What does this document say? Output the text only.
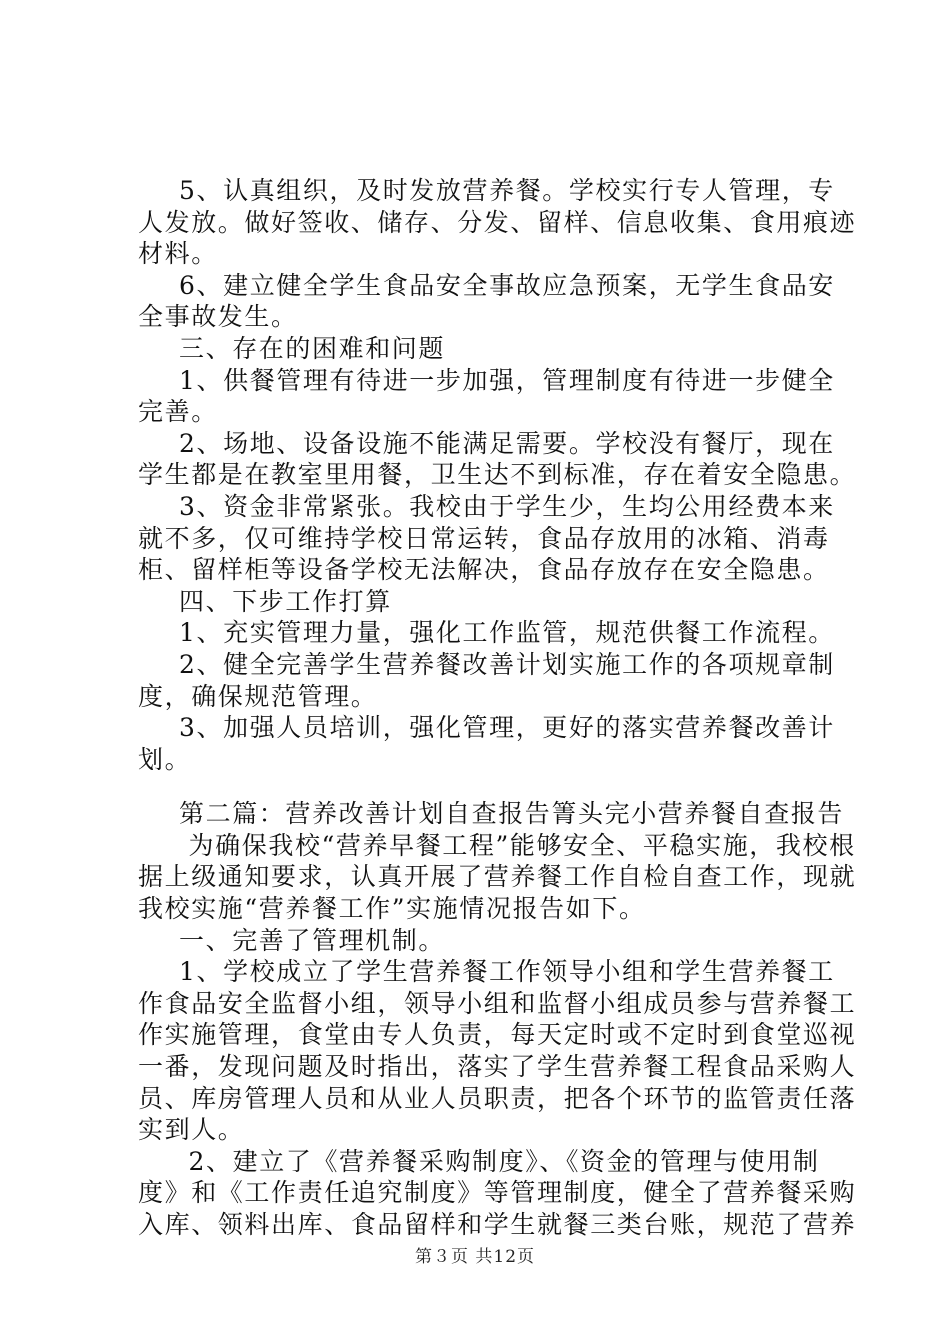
5、认真组织，及时发放营养餐。学校实行专人管理，专人发放。做好签收、储存、分发、留样、信息收集、食用痕迹材料。

6、建立健全学生食品安全事故应急预案，无学生食品安全事故发生。

三、存在的困难和问题

1、供餐管理有待进一步加强，管理制度有待进一步健全完善。

2、场地、设备设施不能满足需要。学校没有餐厅，现在学生都是在教室里用餐，卫生达不到标准，存在着安全隐患。

3、资金非常紧张。我校由于学生少，生均公用经费本来就不多，仅可维持学校日常运转，食品存放用的冰箱、消毒柜、留样柜等设备学校无法解决，食品存放存在安全隐患。

四、下步工作打算

1、充实管理力量，强化工作监管，规范供餐工作流程。

2、健全完善学生营养餐改善计划实施工作的各项规章制度，确保规范管理。

3、加强人员培训，强化管理，更好的落实营养餐改善计划。

第二篇：营养改善计划自查报告箐头完小营养餐自查报告

为确保我校“营养早餐工程”能够安全、平稳实施，我校根据上级通知要求，认真开展了营养餐工作自检自查工作，现就我校实施“营养餐工作”实施情况报告如下。

一、完善了管理机制。

1、学校成立了学生营养餐工作领导小组和学生营养餐工作食品安全监督小组，领导小组和监督小组成员参与营养餐工作实施管理，食堂由专人负责，每天定时或不定时到食堂巡视一番，发现问题及时指出，落实了学生营养餐工程食品采购人员、库房管理人员和从业人员职责，把各个环节的监管责任落实到人。

2、建立了《营养餐采购制度》、《资金的管理与使用制度》和《工作责任追究制度》等管理制度，健全了营养餐采购入库、领料出库、食品留样和学生就餐三类台账，规范了营养

第３页 共12页
